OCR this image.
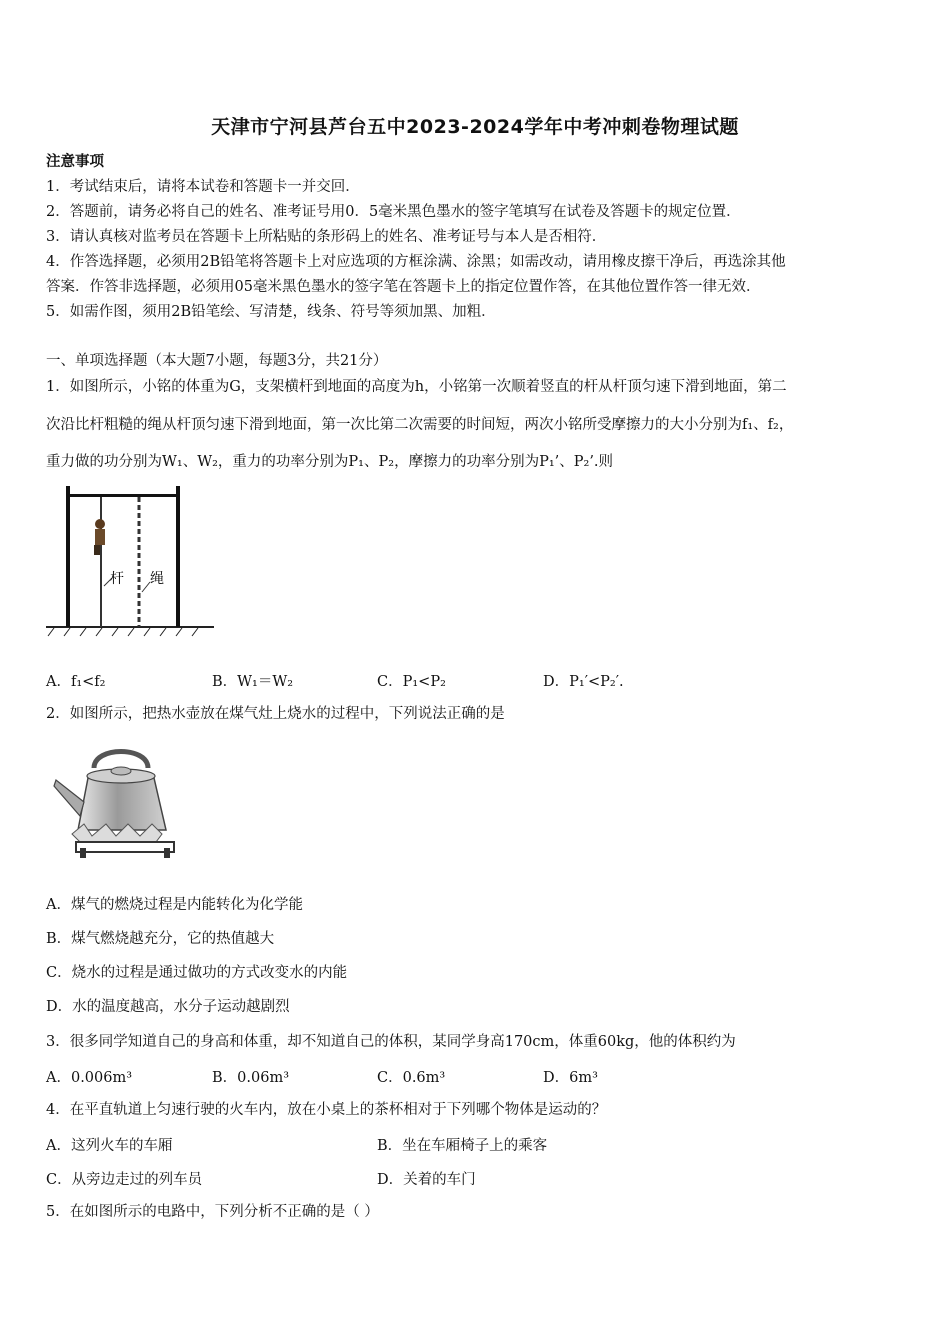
天津市宁河县芦台五中2023-2024学年中考冲刺卷物理试题
注意事项
1．考试结束后，请将本试卷和答题卡一并交回．
2．答题前，请务必将自己的姓名、准考证号用0．5毫米黑色墨水的签字笔填写在试卷及答题卡的规定位置．
3．请认真核对监考员在答题卡上所粘贴的条形码上的姓名、准考证号与本人是否相符．
4．作答选择题，必须用2B铅笔将答题卡上对应选项的方框涂满、涂黑；如需改动，请用橡皮擦干净后，再选涂其他
答案．作答非选择题，必须用05毫米黑色墨水的签字笔在答题卡上的指定位置作答，在其他位置作答一律无效．
5．如需作图，须用2B铅笔绘、写清楚，线条、符号等须加黑、加粗．
一、单项选择题（本大题7小题，每题3分，共21分）
1．如图所示，小铭的体重为G，支架横杆到地面的高度为h，小铭第一次顺着竖直的杆从杆顶匀速下滑到地面，第二
次沿比杆粗糙的绳从杆顶匀速下滑到地面，第一次比第二次需要的时间短，两次小铭所受摩擦力的大小分别为f₁、f₂，
重力做的功分别为W₁、W₂，重力的功率分别为P₁、P₂，摩擦力的功率分别为P₁’、P₂’.则
杆 绳
A．f₁<f₂	B．W₁＝W₂	C．P₁<P₂	D．P₁′<P₂′.
2．如图所示，把热水壶放在煤气灶上烧水的过程中，下列说法正确的是
A．煤气的燃烧过程是内能转化为化学能
B．煤气燃烧越充分，它的热值越大
C．烧水的过程是通过做功的方式改变水的内能
D．水的温度越高，水分子运动越剧烈
3．很多同学知道自己的身高和体重，却不知道自己的体积，某同学身高170cm，体重60kg，他的体积约为
A．0.006m³	B．0.06m³	C．0.6m³	D．6m³
4．在平直轨道上匀速行驶的火车内，放在小桌上的茶杯相对于下列哪个物体是运动的？
A．这列火车的车厢	B．坐在车厢椅子上的乘客
C．从旁边走过的列车员	D．关着的车门
5．在如图所示的电路中，下列分析不正确的是（ ）
